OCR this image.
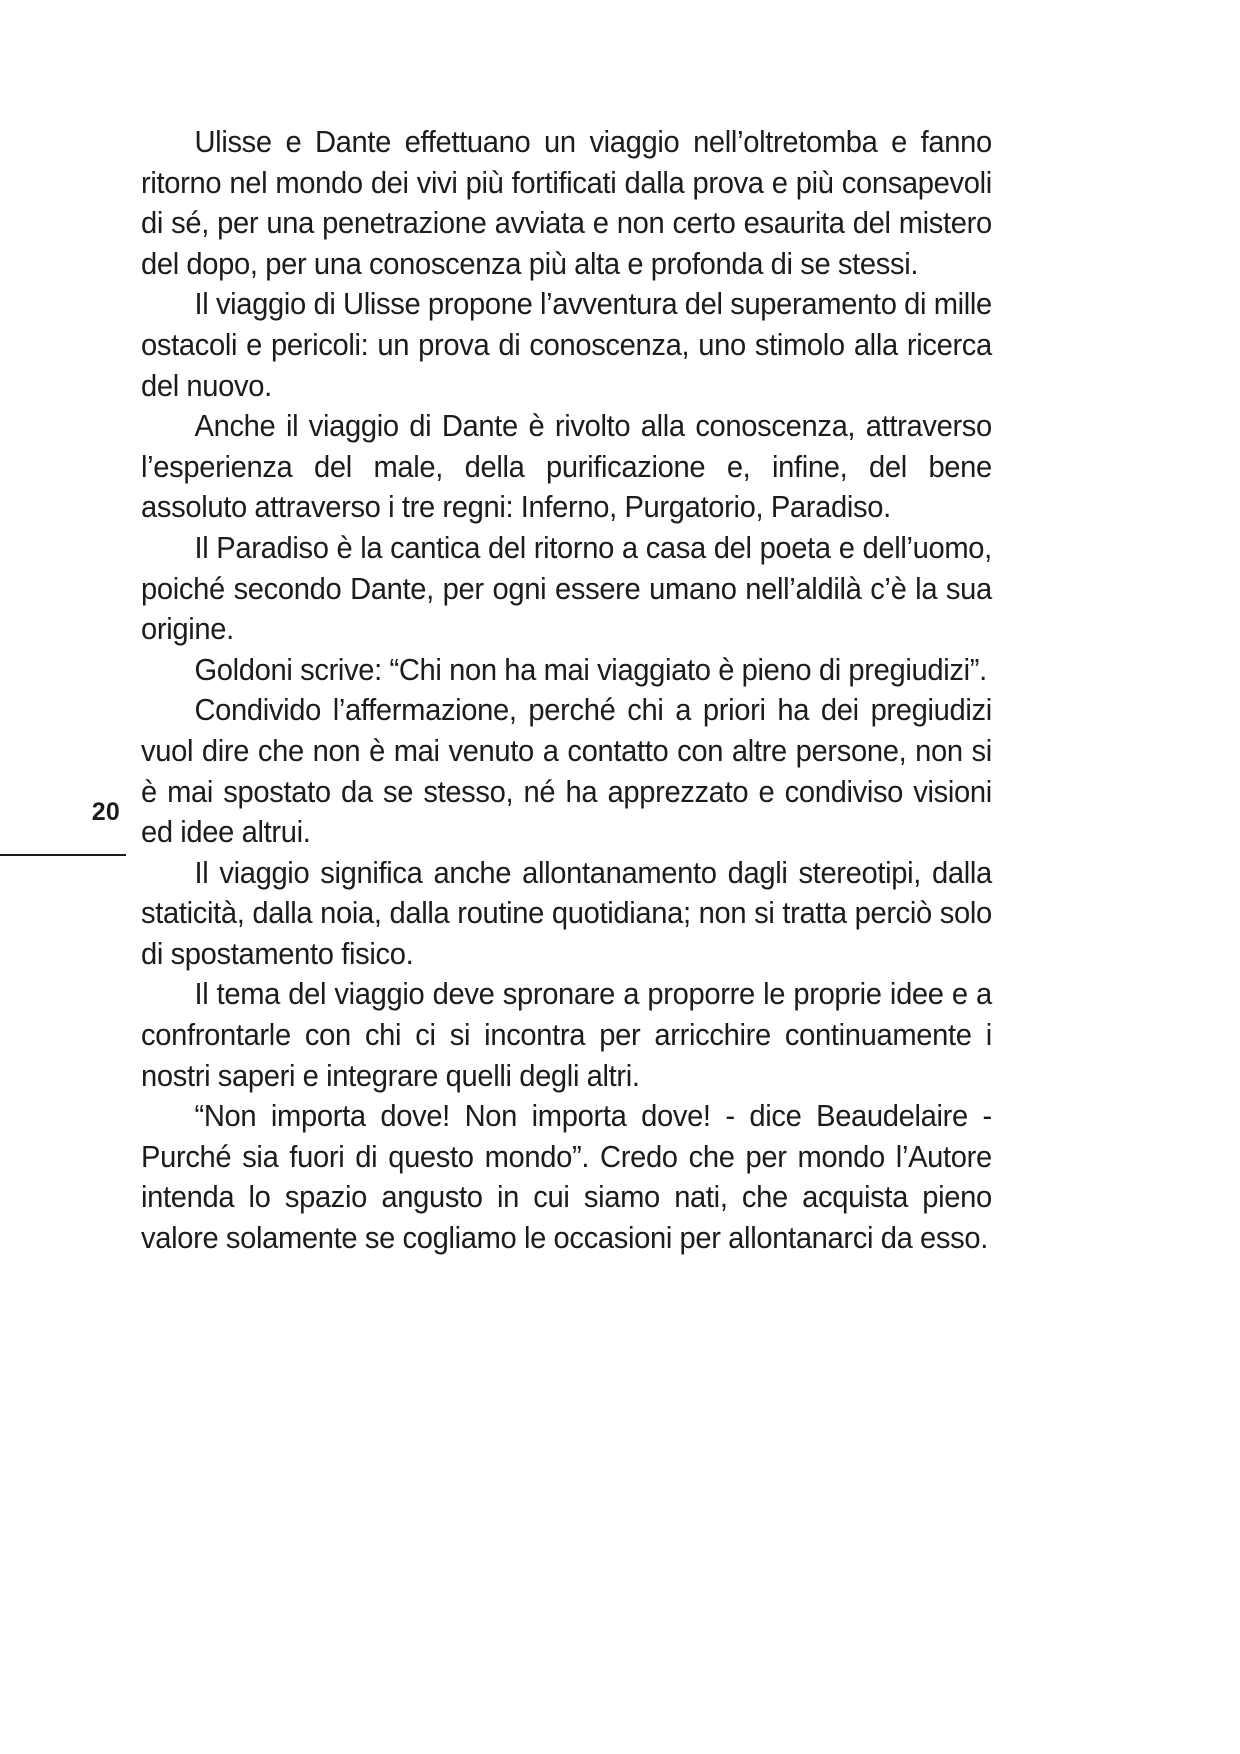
20

Ulisse e Dante effettuano un viaggio nell’oltretomba e fanno ritorno nel mondo dei vivi più fortificati dalla prova e più consapevoli di sé, per una penetrazione avviata e non certo esaurita del mistero del dopo, per una conoscenza più alta e profonda di se stessi.

Il viaggio di Ulisse propone l’avventura del superamento di mille ostacoli e pericoli: un prova di conoscenza, uno stimolo alla ricerca del nuovo.

Anche il viaggio di Dante è rivolto alla conoscenza, attraverso l’esperienza del male, della purificazione e, infine, del bene assoluto attraverso i tre regni: Inferno, Purgatorio, Paradiso.

Il Paradiso è la cantica del ritorno a casa del poeta e dell’uomo, poiché secondo Dante, per ogni essere umano nell’aldilà c’è la sua origine.

Goldoni scrive: “Chi non ha mai viaggiato è pieno di pregiudizi”.

Condivido l’affermazione, perché chi a priori ha dei pregiudizi vuol dire che non è mai venuto a contatto con altre persone, non si è mai spostato da se stesso, né ha apprezzato e condiviso visioni ed idee altrui.

Il viaggio significa anche allontanamento dagli stereotipi, dalla staticità, dalla noia, dalla routine quotidiana; non si tratta perciò solo di spostamento fisico.

Il tema del viaggio deve spronare a proporre le proprie idee e a confrontarle con chi ci si incontra per arricchire continuamente i nostri saperi e integrare quelli degli altri.

“Non importa dove! Non importa dove! - dice Beaudelaire - Purché sia fuori di questo mondo”. Credo che per mondo l’Autore intenda lo spazio angusto in cui siamo nati, che acquista pieno valore solamente se cogliamo le occasioni per allontanarci da esso.
